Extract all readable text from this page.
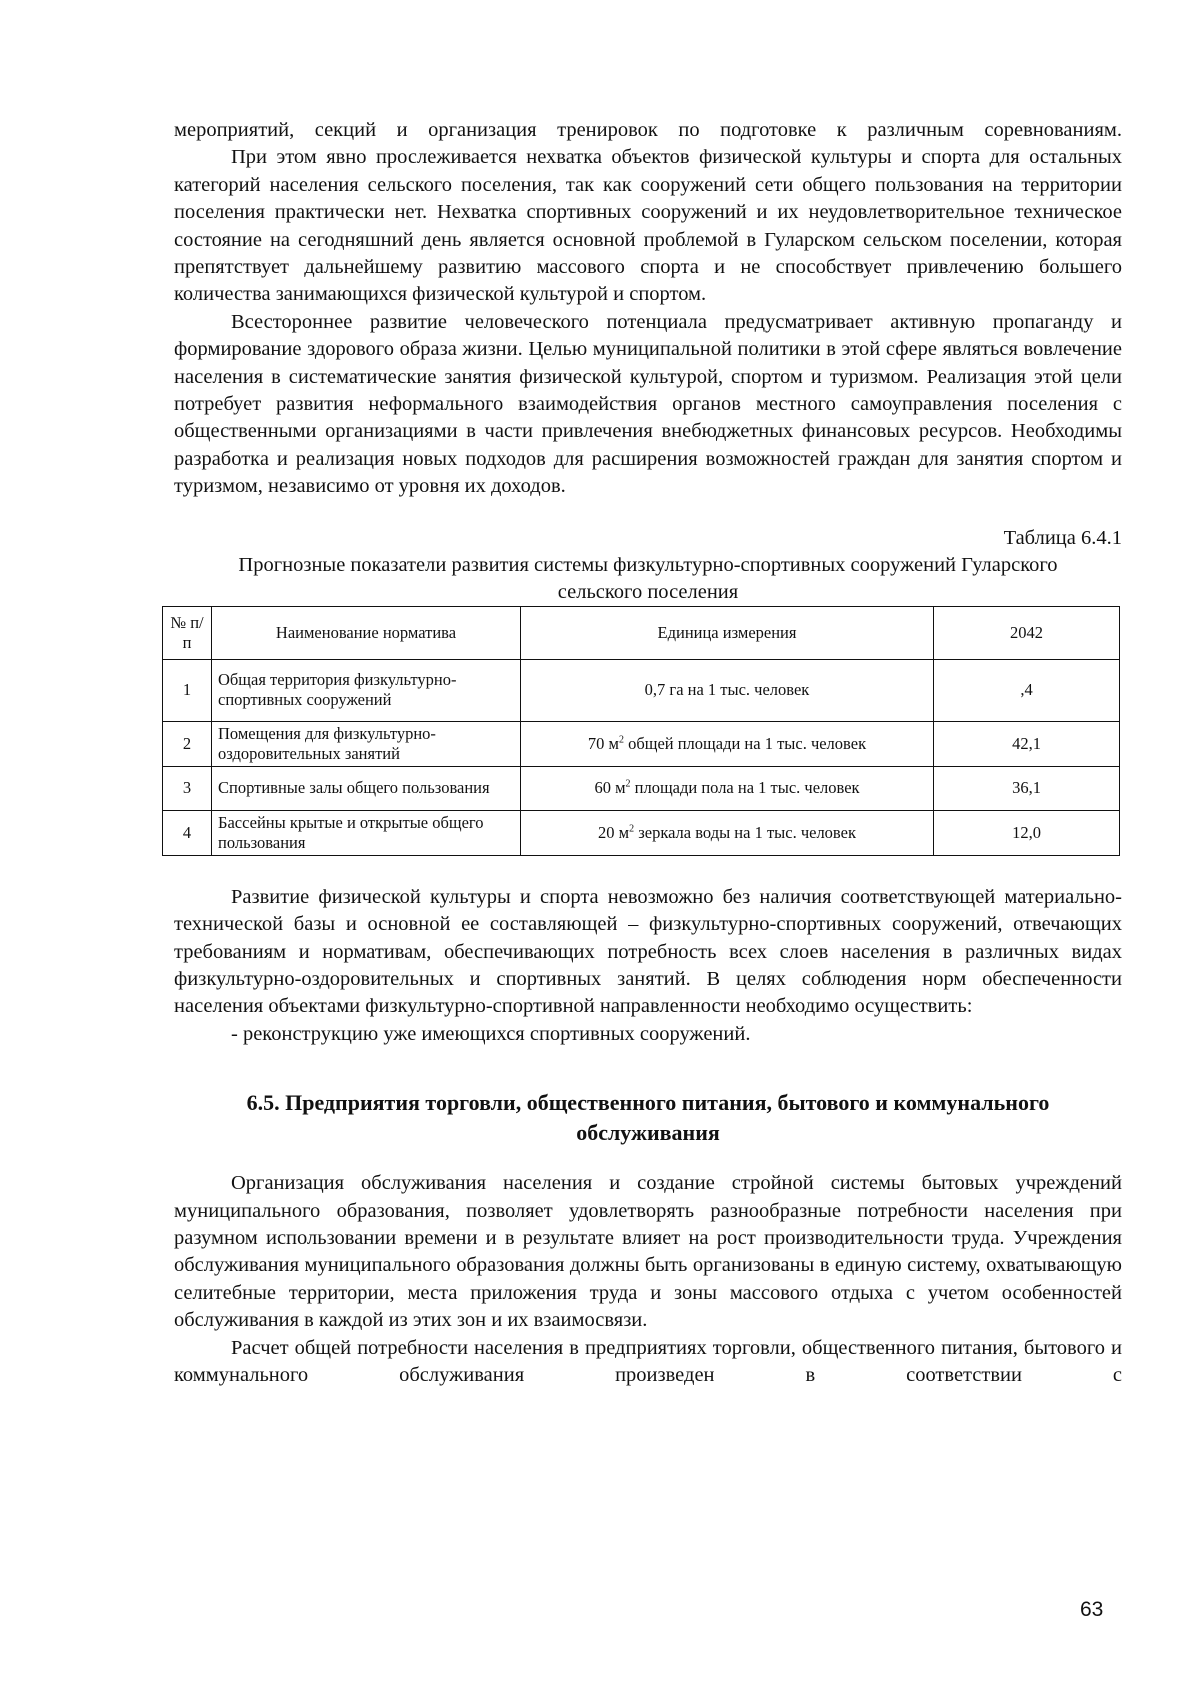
мероприятий, секций и организация тренировок по подготовке к различным соревнованиям.

При этом явно прослеживается нехватка объектов физической культуры и спорта для остальных категорий населения сельского поселения, так как сооружений сети общего пользования на территории поселения практически нет. Нехватка спортивных сооружений и их неудовлетворительное техническое состояние на сегодняшний день является основной проблемой в Гуларском сельском поселении, которая препятствует дальнейшему развитию массового спорта и не способствует привлечению большего количества занимающихся физической культурой и спортом.

Всестороннее развитие человеческого потенциала предусматривает активную пропаганду и формирование здорового образа жизни. Целью муниципальной политики в этой сфере являться вовлечение населения в систематические занятия физической культурой, спортом и туризмом. Реализация этой цели потребует развития неформального взаимодействия органов местного самоуправления поселения с общественными организациями в части привлечения внебюджетных финансовых ресурсов. Необходимы разработка и реализация новых подходов для расширения возможностей граждан для занятия спортом и туризмом, независимо от уровня их доходов.

Таблица 6.4.1
Прогнозные показатели развития системы физкультурно-спортивных сооружений Гуларского сельского поселения
№ п/п	Наименование норматива	Единица измерения	2042
1	Общая территория физкультурно-спортивных сооружений	0,7 га на 1 тыс. человек	,4
2	Помещения для физкультурно-оздоровительных занятий	70 $м^2$ общей площади на 1 тыс. человек	42,1
3	Спортивные залы общего пользования	60 $м^2$ площади пола на 1 тыс. человек	36,1
4	Бассейны крытые и открытые общего пользования	20 $м^2$ зеркала воды на 1 тыс. человек	12,0

Развитие физической культуры и спорта невозможно без наличия соответствующей материально-технической базы и основной ее составляющей – физкультурно-спортивных сооружений, отвечающих требованиям и нормативам, обеспечивающих потребность всех слоев населения в различных видах физкультурно-оздоровительных и спортивных занятий. В целях соблюдения норм обеспеченности населения объектами физкультурно-спортивной направленности необходимо осуществить:

- реконструкцию уже имеющихся спортивных сооружений.

6.5. Предприятия торговли, общественного питания, бытового и коммунального обслуживания

Организация обслуживания населения и создание стройной системы бытовых учреждений муниципального образования, позволяет удовлетворять разнообразные потребности населения при разумном использовании времени и в результате влияет на рост производительности труда. Учреждения обслуживания муниципального образования должны быть организованы в единую систему, охватывающую селитебные территории, места приложения труда и зоны массового отдыха с учетом особенностей обслуживания в каждой из этих зон и их взаимосвязи.

Расчет общей потребности населения в предприятиях торговли, общественного питания, бытового и коммунального обслуживания произведен в соответствии с

63
